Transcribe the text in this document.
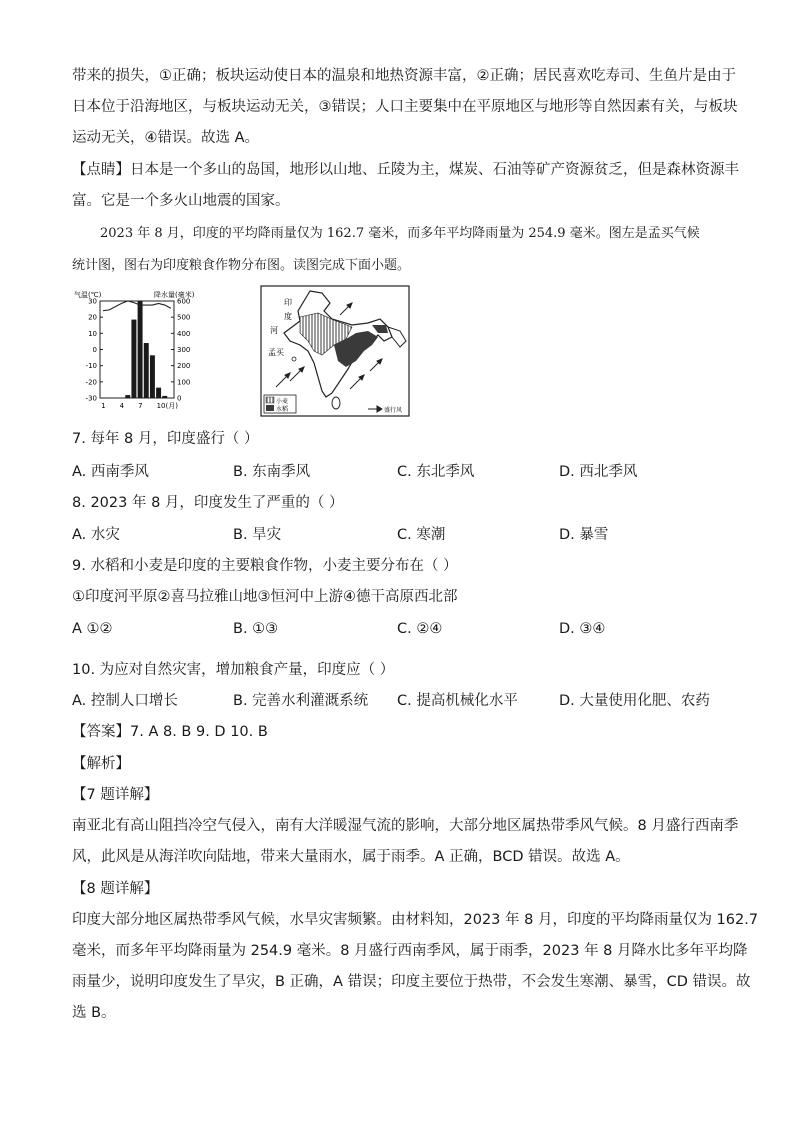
带来的损失，①正确；板块运动使日本的温泉和地热资源丰富，②正确；居民喜欢吃寿司、生鱼片是由于
日本位于沿海地区，与板块运动无关，③错误；人口主要集中在平原地区与地形等自然因素有关，与板块
运动无关，④错误。故选 A。
【点睛】日本是一个多山的岛国，地形以山地、丘陵为主，煤炭、石油等矿产资源贫乏，但是森林资源丰
富。它是一个多火山地震的国家。
2023 年 8 月，印度的平均降雨量仅为 162.7 毫米，而多年平均降雨量为 254.9 毫米。图左是孟买气候
统计图，图右为印度粮食作物分布图。读图完成下面小题。
气温(℃)	降水量(毫米)
30
20
10
0
-10
-20
-30
600
500
400
300
200
100
0
1 4 7 10(月)
印
度
河
孟买
小麦
水稻	盛行风
7. 每年 8 月，印度盛行（ ）
A. 西南季风	B. 东南季风	C. 东北季风	D. 西北季风
8. 2023 年 8 月，印度发生了严重的（ ）
A. 水灾	B. 旱灾	C. 寒潮	D. 暴雪
9. 水稻和小麦是印度的主要粮食作物，小麦主要分布在（ ）
①印度河平原②喜马拉雅山地③恒河中上游④德干高原西北部
A ①②	B. ①③	C. ②④	D. ③④
10. 为应对自然灾害，增加粮食产量，印度应（ ）
A. 控制人口增长	B. 完善水利灌溉系统 C. 提高机械化水平	D. 大量使用化肥、农药
【答案】7. A 8. B 9. D 10. B
【解析】
【7 题详解】
南亚北有高山阻挡冷空气侵入，南有大洋暖湿气流的影响，大部分地区属热带季风气候。8 月盛行西南季
风，此风是从海洋吹向陆地，带来大量雨水，属于雨季。A 正确，BCD 错误。故选 A。
【8 题详解】
印度大部分地区属热带季风气候，水旱灾害频繁。由材料知，2023 年 8 月，印度的平均降雨量仅为 162.7
毫米，而多年平均降雨量为 254.9 毫米。8 月盛行西南季风，属于雨季，2023 年 8 月降水比多年平均降
雨量少，说明印度发生了旱灾，B 正确，A 错误；印度主要位于热带，不会发生寒潮、暴雪，CD 错误。故
选 B。
